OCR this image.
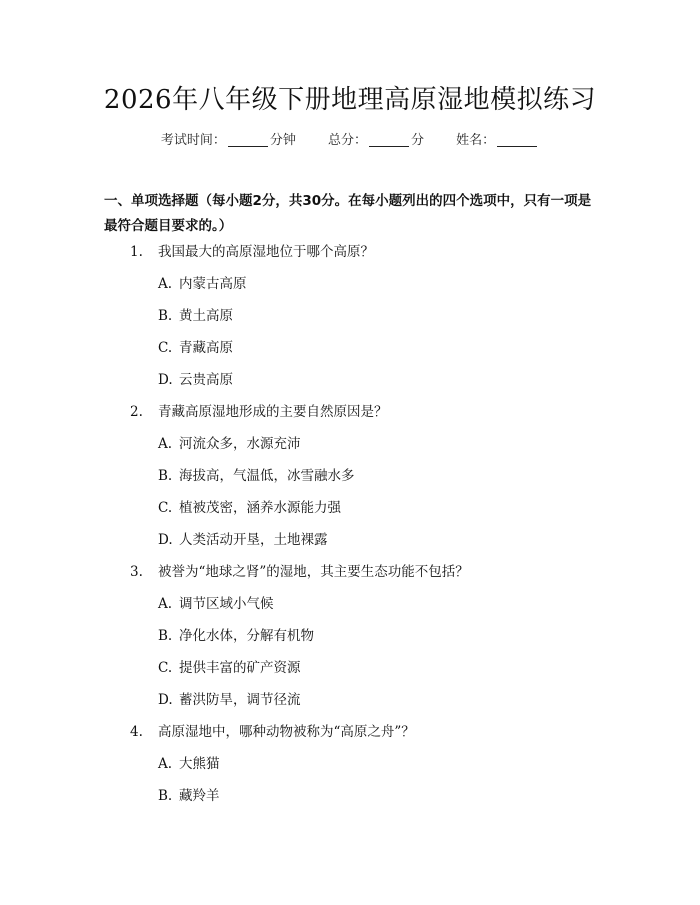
2026年八年级下册地理高原湿地模拟练习
考试时间：	分钟 总分：	分 姓名：
一、单项选择题（每小题2分，共30分。在每小题列出的四个选项中，只有一项是最符合题目要求的。）
1.	我国最大的高原湿地位于哪个高原？
A. 内蒙古高原
B. 黄土高原
C. 青藏高原
D. 云贵高原
2.	青藏高原湿地形成的主要自然原因是？
A. 河流众多，水源充沛
B. 海拔高，气温低，冰雪融水多
C. 植被茂密，涵养水源能力强
D. 人类活动开垦，土地裸露
3.	被誉为“地球之肾”的湿地，其主要生态功能不包括？
A. 调节区域小气候
B. 净化水体，分解有机物
C. 提供丰富的矿产资源
D. 蓄洪防旱，调节径流
4.	高原湿地中，哪种动物被称为“高原之舟”？
A. 大熊猫
B. 藏羚羊
